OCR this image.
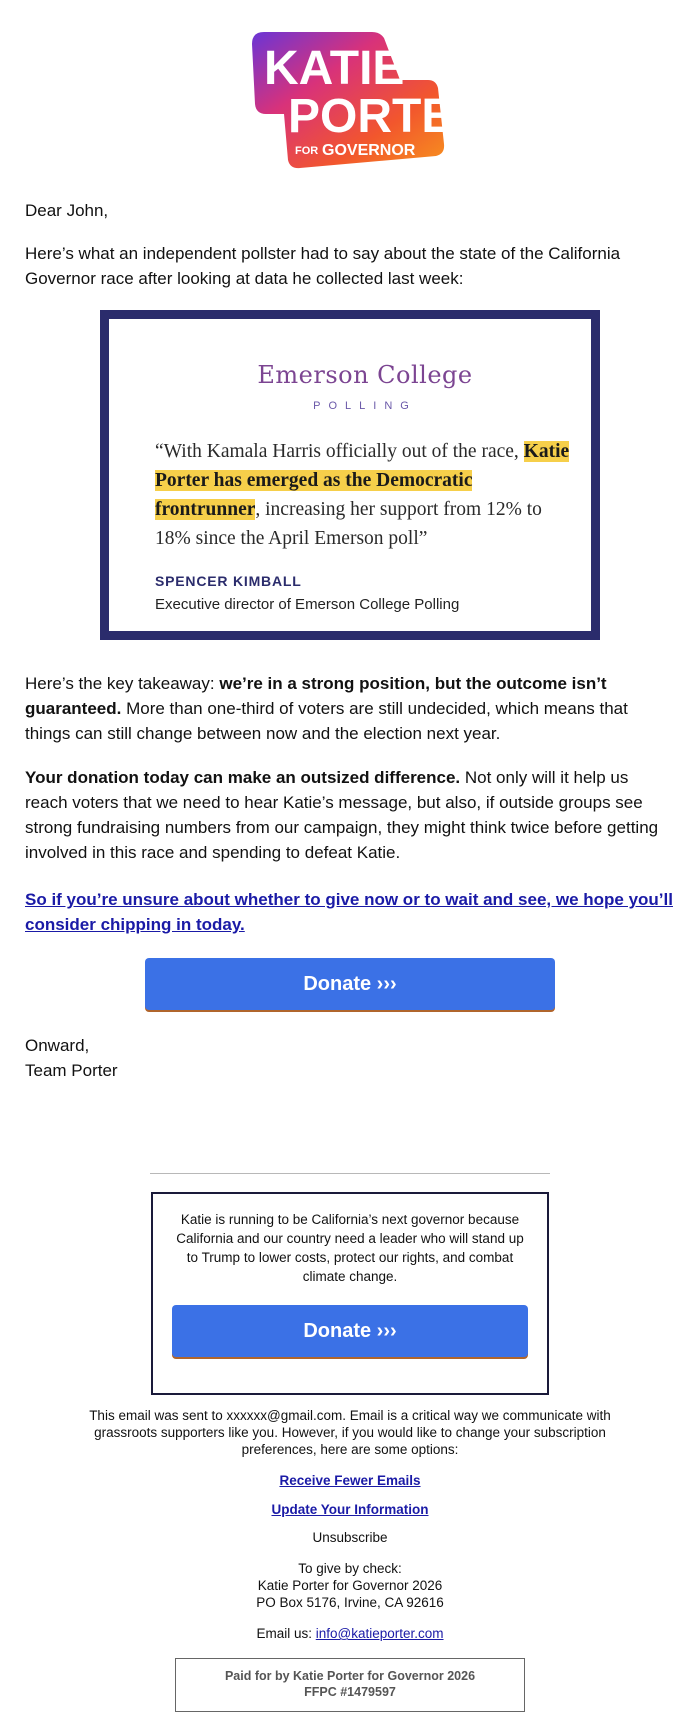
KATIE
PORTER
FOR GOVERNOR
Dear John,
Here’s what an independent pollster had to say about the state of the California Governor race after looking at data he collected last week:
Emerson College
POLLING
“With Kamala Harris officially out of the race, Katie Porter has emerged as the Democratic frontrunner, increasing her support from 12% to 18% since the April Emerson poll”
SPENCER KIMBALL
Executive director of Emerson College Polling
Here’s the key takeaway: we’re in a strong position, but the outcome isn’t guaranteed. More than one-third of voters are still undecided, which means that things can still change between now and the election next year.
Your donation today can make an outsized difference. Not only will it help us reach voters that we need to hear Katie’s message, but also, if outside groups see strong fundraising numbers from our campaign, they might think twice before getting involved in this race and spending to defeat Katie.
So if you’re unsure about whether to give now or to wait and see, we hope you’ll consider chipping in today.
Donate ›››
Onward,
Team Porter
Katie is running to be California’s next governor because California and our country need a leader who will stand up to Trump to lower costs, protect our rights, and combat climate change.
Donate ›››
This email was sent to xxxxxx@gmail.com. Email is a critical way we communicate with grassroots supporters like you. However, if you would like to change your subscription preferences, here are some options:
Receive Fewer Emails
Update Your Information
Unsubscribe
To give by check:
Katie Porter for Governor 2026
PO Box 5176, Irvine, CA 92616
Email us: info@katieporter.com
Paid for by Katie Porter for Governor 2026
FFPC #1479597
